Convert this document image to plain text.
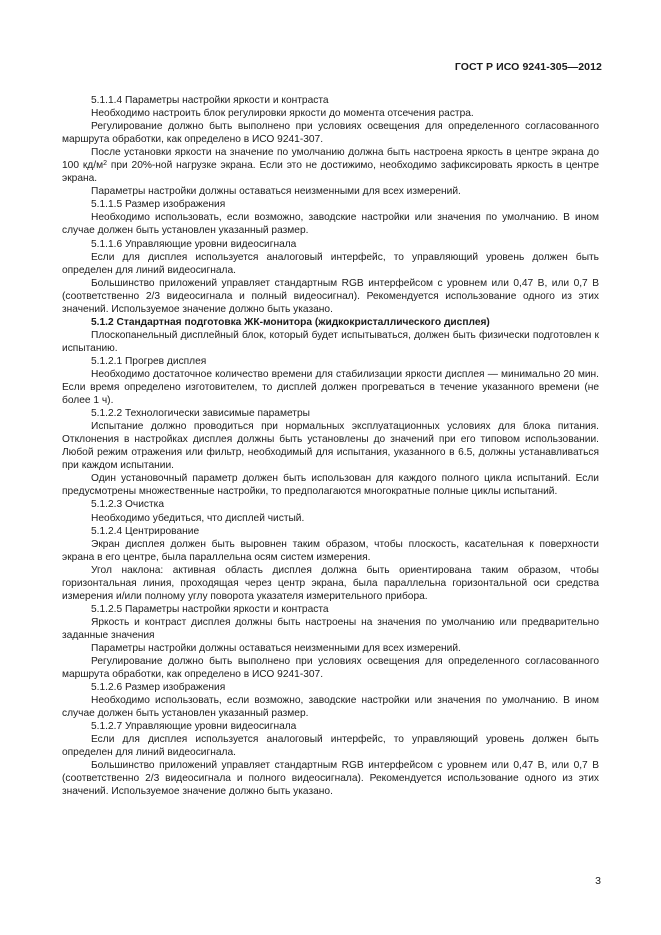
ГОСТ Р ИСО 9241-305—2012

5.1.1.4 Параметры настройки яркости и контраста

Необходимо настроить блок регулировки яркости до момента отсечения растра.

Регулирование должно быть выполнено при условиях освещения для определенного согласованного маршрута обработки, как определено в ИСО 9241-307.

После установки яркости на значение по умолчанию должна быть настроена яркость в центре экрана до 100 $кд/м^2$ при 20%-ной нагрузке экрана. Если это не достижимо, необходимо зафиксировать яркость в центре экрана.

Параметры настройки должны оставаться неизменными для всех измерений.

5.1.1.5 Размер изображения

Необходимо использовать, если возможно, заводские настройки или значения по умолчанию. В ином случае должен быть установлен указанный размер.

5.1.1.6 Управляющие уровни видеосигнала

Если для дисплея используется аналоговый интерфейс, то управляющий уровень должен быть определен для линий видеосигнала.

Большинство приложений управляет стандартным RGB интерфейсом с уровнем или 0,47 В, или 0,7 В (соответственно 2/3 видеосигнала и полный видеосигнал). Рекомендуется использование одного из этих значений. Используемое значение должно быть указано.

5.1.2 Стандартная подготовка ЖК-монитора (жидкокристаллического дисплея)

Плоскопанельный дисплейный блок, который будет испытываться, должен быть физически подготовлен к испытанию.

5.1.2.1 Прогрев дисплея

Необходимо достаточное количество времени для стабилизации яркости дисплея — минимально 20 мин. Если время определено изготовителем, то дисплей должен прогреваться в течение указанного времени (не более 1 ч).

5.1.2.2 Технологически зависимые параметры

Испытание должно проводиться при нормальных эксплуатационных условиях для блока питания. Отклонения в настройках дисплея должны быть установлены до значений при его типовом использовании. Любой режим отражения или фильтр, необходимый для испытания, указанного в 6.5, должны устанавливаться при каждом испытании.

Один установочный параметр должен быть использован для каждого полного цикла испытаний. Если предусмотрены множественные настройки, то предполагаются многократные полные циклы испытаний.

5.1.2.3 Очистка

Необходимо убедиться, что дисплей чистый.

5.1.2.4 Центрирование

Экран дисплея должен быть выровнен таким образом, чтобы плоскость, касательная к поверхности экрана в его центре, была параллельна осям систем измерения.

Угол наклона: активная область дисплея должна быть ориентирована таким образом, чтобы горизонтальная линия, проходящая через центр экрана, была параллельна горизонтальной оси средства измерения и/или полному углу поворота указателя измерительного прибора.

5.1.2.5 Параметры настройки яркости и контраста

Яркость и контраст дисплея должны быть настроены на значения по умолчанию или предварительно заданные значения

Параметры настройки должны оставаться неизменными для всех измерений.

Регулирование должно быть выполнено при условиях освещения для определенного согласованного маршрута обработки, как определено в ИСО 9241-307.

5.1.2.6 Размер изображения

Необходимо использовать, если возможно, заводские настройки или значения по умолчанию. В ином случае должен быть установлен указанный размер.

5.1.2.7 Управляющие уровни видеосигнала

Если для дисплея используется аналоговый интерфейс, то управляющий уровень должен быть определен для линий видеосигнала.

Большинство приложений управляет стандартным RGB интерфейсом с уровнем или 0,47 В, или 0,7 В (соответственно 2/3 видеосигнала и полного видеосигнала). Рекомендуется использование одного из этих значений. Используемое значение должно быть указано.

3
